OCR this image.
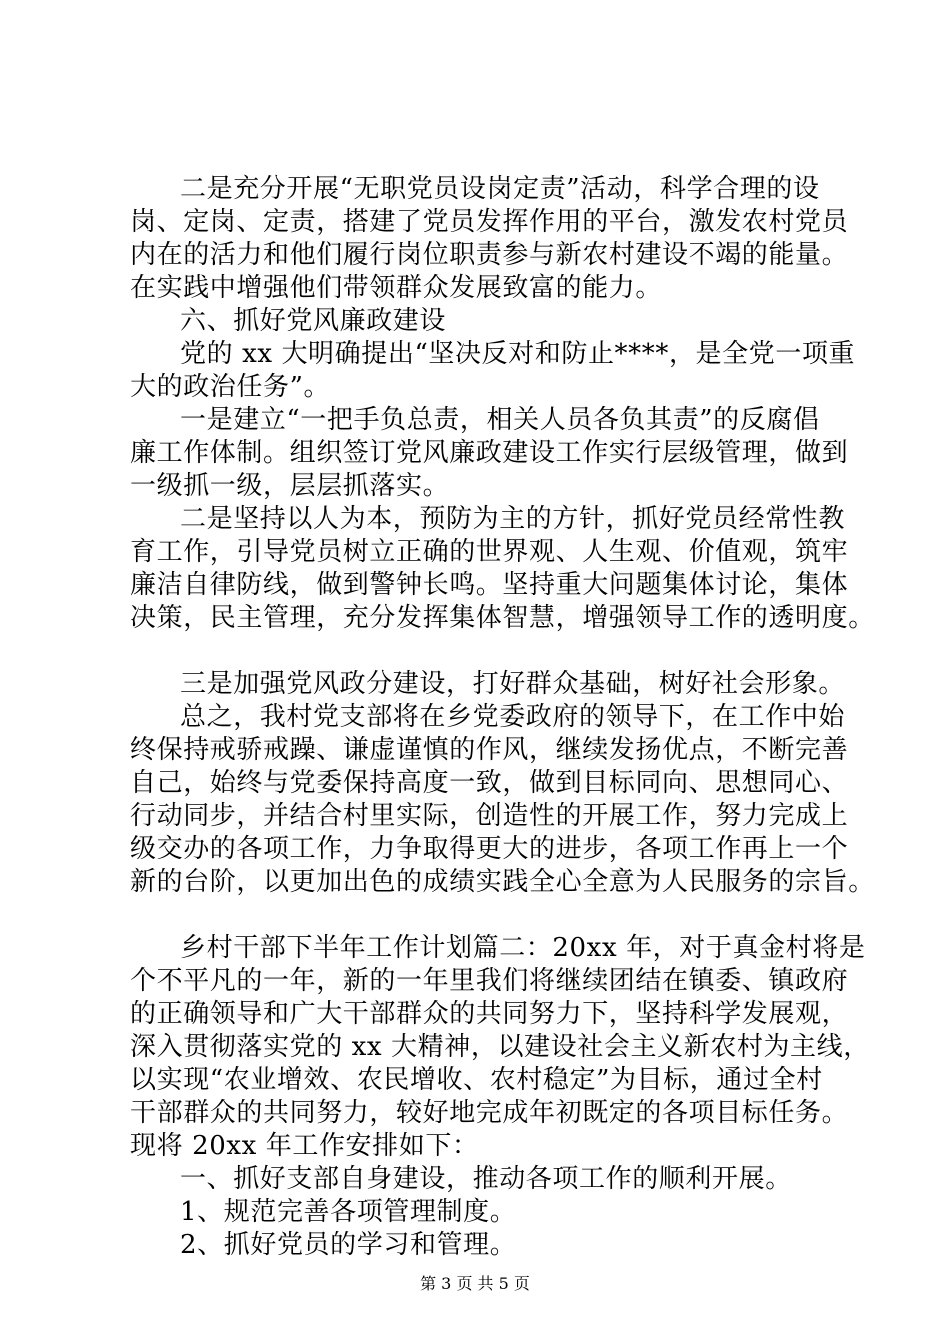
二是充分开展“无职党员设岗定责”活动，科学合理的设
岗、定岗、定责，搭建了党员发挥作用的平台，激发农村党员
内在的活力和他们履行岗位职责参与新农村建设不竭的能量。
在实践中增强他们带领群众发展致富的能力。
六、抓好党风廉政建设
党的 xx 大明确提出“坚决反对和防止****，是全党一项重
大的政治任务”。
一是建立“一把手负总责，相关人员各负其责”的反腐倡
廉工作体制。组织签订党风廉政建设工作实行层级管理，做到
一级抓一级，层层抓落实。
二是坚持以人为本，预防为主的方针，抓好党员经常性教
育工作，引导党员树立正确的世界观、人生观、价值观，筑牢
廉洁自律防线，做到警钟长鸣。坚持重大问题集体讨论，集体
决策，民主管理，充分发挥集体智慧，增强领导工作的透明度。
三是加强党风政分建设，打好群众基础，树好社会形象。
总之，我村党支部将在乡党委政府的领导下，在工作中始
终保持戒骄戒躁、谦虚谨慎的作风，继续发扬优点，不断完善
自己，始终与党委保持高度一致，做到目标同向、思想同心、
行动同步，并结合村里实际，创造性的开展工作，努力完成上
级交办的各项工作，力争取得更大的进步，各项工作再上一个
新的台阶，以更加出色的成绩实践全心全意为人民服务的宗旨。
乡村干部下半年工作计划篇二：20xx 年，对于真金村将是
个不平凡的一年，新的一年里我们将继续团结在镇委、镇政府
的正确领导和广大干部群众的共同努力下，坚持科学发展观，
深入贯彻落实党的 xx 大精神，以建设社会主义新农村为主线，
以实现“农业增效、农民增收、农村稳定”为目标，通过全村
干部群众的共同努力，较好地完成年初既定的各项目标任务。
现将 20xx 年工作安排如下：
一、抓好支部自身建设，推动各项工作的顺利开展。
1、规范完善各项管理制度。
2、抓好党员的学习和管理。
第 3 页 共 5 页
